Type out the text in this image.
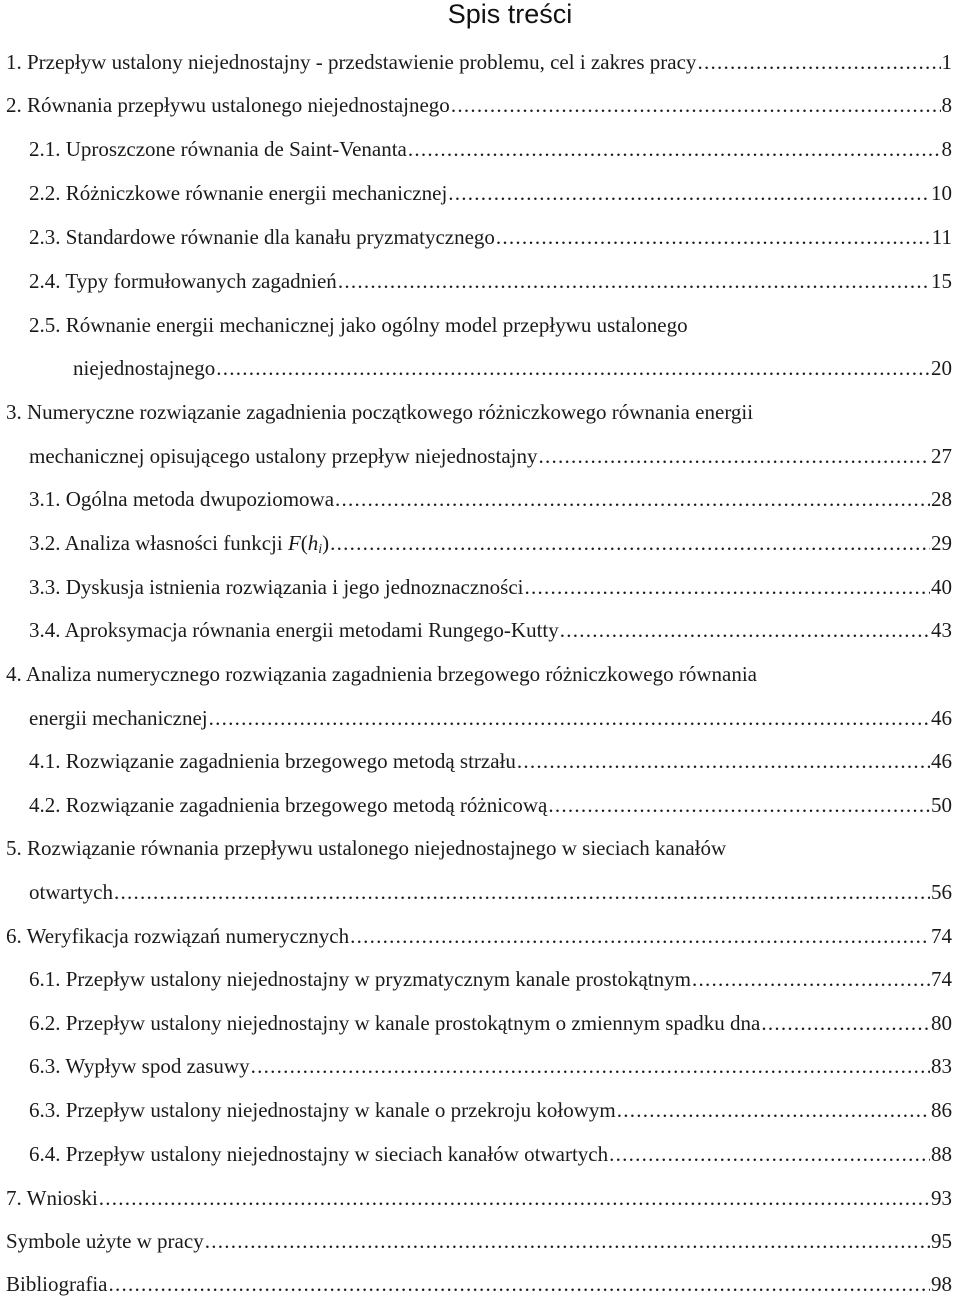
Spis treści
1. Przepływ ustalony niejednostajny - przedstawienie problemu, cel i zakres pracy . . .	1
2. Równania przepływu ustalonego niejednostajnego . . .	8
2.1. Uproszczone równania de Saint-Venanta . . .	8
2.2. Różniczkowe równanie energii mechanicznej . . .	10
2.3. Standardowe równanie dla kanału pryzmatycznego . . .	11
2.4. Typy formułowanych zagadnień . . .	15
2.5. Równanie energii mechanicznej jako ogólny model przepływu ustalonego
niejednostajnego . . .	20
3. Numeryczne rozwiązanie zagadnienia początkowego różniczkowego równania energii
mechanicznej opisującego ustalony przepływ niejednostajny . . .	27
3.1. Ogólna metoda dwupoziomowa . . .	28
3.2. Analiza własności funkcji $F(h_i)$ . . .	29
3.3. Dyskusja istnienia rozwiązania i jego jednoznaczności . . .	40
3.4. Aproksymacja równania energii metodami Rungego-Kutty . . .	43
4. Analiza numerycznego rozwiązania zagadnienia brzegowego różniczkowego równania
energii mechanicznej . . .	46
4.1. Rozwiązanie zagadnienia brzegowego metodą strzału . . .	46
4.2. Rozwiązanie zagadnienia brzegowego metodą różnicową . . .	50
5. Rozwiązanie równania przepływu ustalonego niejednostajnego w sieciach kanałów
otwartych . . .	56
6. Weryfikacja rozwiązań numerycznych . . .	74
6.1. Przepływ ustalony niejednostajny w pryzmatycznym kanale prostokątnym . . .	74
6.2. Przepływ ustalony niejednostajny w kanale prostokątnym o zmiennym spadku dna . . .	80
6.3. Wypływ spod zasuwy . . .	83
6.3. Przepływ ustalony niejednostajny w kanale o przekroju kołowym . . .	86
6.4. Przepływ ustalony niejednostajny w sieciach kanałów otwartych . . .	88
7. Wnioski . . .	93
Symbole użyte w pracy . . .	95
Bibliografia . . .	98
